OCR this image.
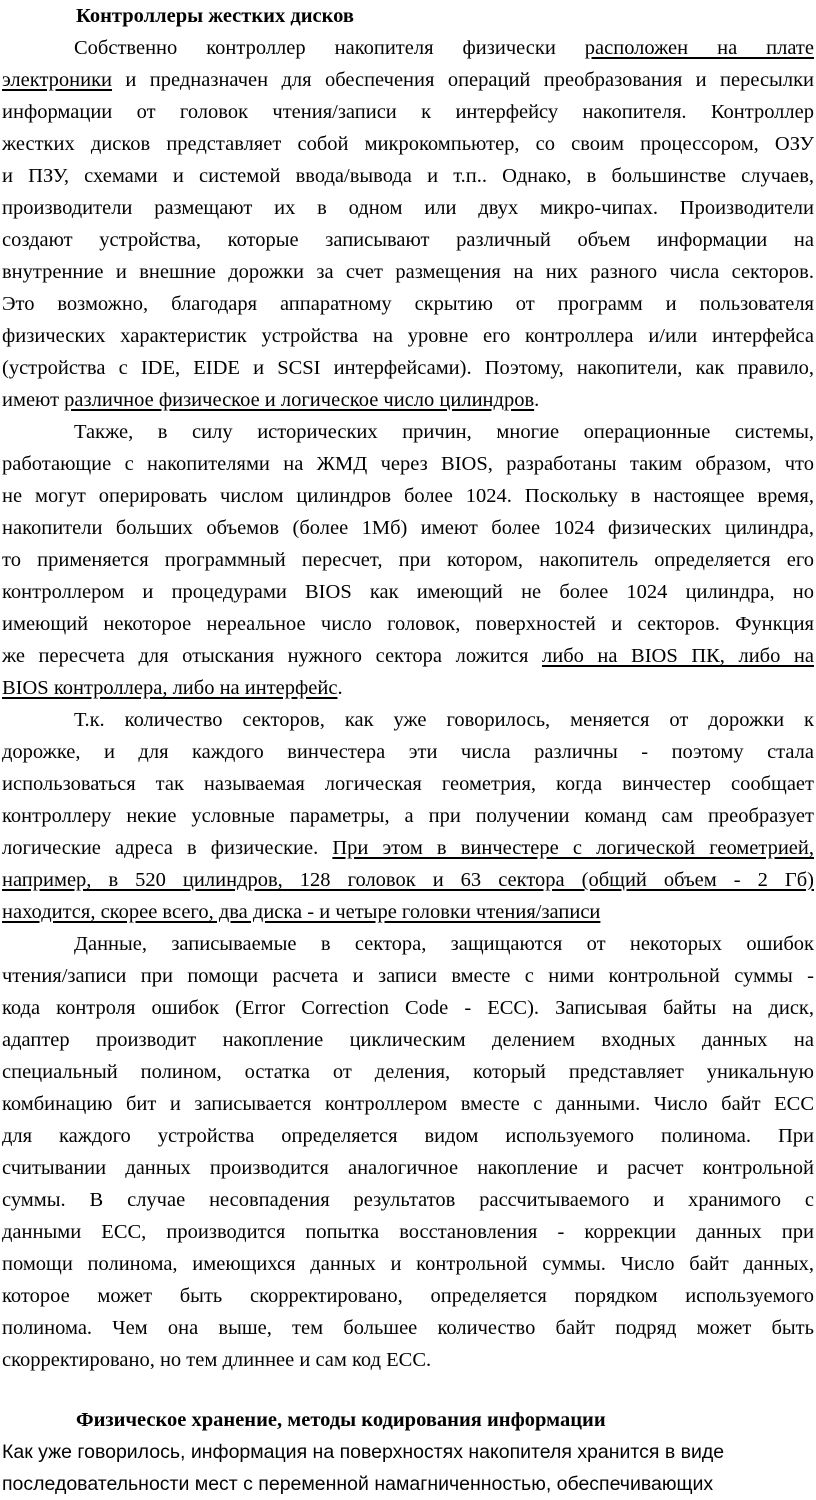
Контроллеры жестких дисков
Собственно контроллер накопителя физически расположен на плате
электроники и предназначен для обеспечения операций преобразования и пересылки
информации от головок чтения/записи к интерфейсу накопителя. Контроллер
жестких дисков представляет собой микрокомпьютер, со своим процессором, ОЗУ
и ПЗУ, схемами и системой ввода/вывода и т.п.. Однако, в большинстве случаев,
производители размещают их в одном или двух микро-чипах. Производители
создают устройства, которые записывают различный объем информации на
внутренние и внешние дорожки за счет размещения на них разного числа секторов.
Это возможно, благодаря аппаратному скрытию от программ и пользователя
физических характеристик устройства на уровне его контроллера и/или интерфейса
(устройства с IDE, EIDE и SCSI интерфейсами). Поэтому, накопители, как правило,
имеют различное физическое и логическое число цилиндров.
Также, в силу исторических причин, многие операционные системы,
работающие с накопителями на ЖМД через BIOS, разработаны таким образом, что
не могут оперировать числом цилиндров более 1024. Поскольку в настоящее время,
накопители больших объемов (более 1Мб) имеют более 1024 физических цилиндра,
то применяется программный пересчет, при котором, накопитель определяется его
контроллером и процедурами BIOS как имеющий не более 1024 цилиндра, но
имеющий некоторое нереальное число головок, поверхностей и секторов. Функция
же пересчета для отыскания нужного сектора ложится либо на BIOS ПК, либо на
BIOS контроллера, либо на интерфейс.
Т.к. количество секторов, как уже говорилось, меняется от дорожки к
дорожке, и для каждого винчестера эти числа различны - поэтому стала
использоваться так называемая логическая геометрия, когда винчестер сообщает
контроллеру некие условные параметры, а при получении команд сам преобразует
логические адреса в физические. При этом в винчестере с логической геометрией,
например, в 520 цилиндров, 128 головок и 63 сектора (общий объем - 2 Гб)
находится, скорее всего, два диска - и четыре головки чтения/записи
Данные, записываемые в сектора, защищаются от некоторых ошибок
чтения/записи при помощи расчета и записи вместе с ними контрольной суммы -
кода контроля ошибок (Error Correction Code - ECC). Записывая байты на диск,
адаптер производит накопление циклическим делением входных данных на
специальный полином, остатка от деления, который представляет уникальную
комбинацию бит и записывается контроллером вместе с данными. Число байт ECC
для каждого устройства определяется видом используемого полинома. При
считывании данных производится аналогичное накопление и расчет контрольной
суммы. В случае несовпадения результатов рассчитываемого и хранимого с
данными ECC, производится попытка восстановления - коррекции данных при
помощи полинома, имеющихся данных и контрольной суммы. Число байт данных,
которое может быть скорректировано, определяется порядком используемого
полинома. Чем она выше, тем большее количество байт подряд может быть
скорректировано, но тем длиннее и сам код ECC.
Физическое хранение, методы кодирования информации
Как уже говорилось, информация на поверхностях накопителя хранится в виде
последовательности мест с переменной намагниченностью, обеспечивающих
